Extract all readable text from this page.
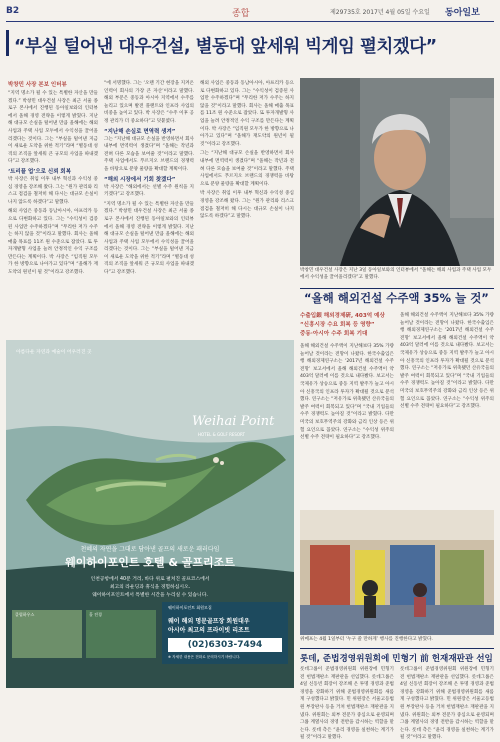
B2	종합	제29735호 2017년 4월 05일 수요일 동아일보
“부실 털어낸 대우건설, 별동대 앞세워 빅게임 펼치겠다”
박창민 사장 본보 인터뷰

“지역 명소가 될 수 있는 특별한 자산을 만들겠다.” 박창민 대우건설 사장은 최근 서울 종로구 본사에서 진행된 동아일보와의 인터뷰에서 올해 경영 전략을 이렇게 밝혔다. 지난해 대규모 손실을 털어낸 만큼 올해에는 해외 사업과 주택 사업 모두에서 수익성을 끌어올리겠다는 것이다. 그는 “부실을 털어낸 지금이 새로운 도약을 위한 적기”라며 “별동대 성격의 조직을 앞세워 큰 규모의 사업을 따내겠다”고 강조했다.

‘트리플 업’으로 신뢰 회복

박 사장은 취임 이후 내부 혁신과 수익성 중심 경영을 강조해 왔다. 그는 “원가 관리와 리스크 점검을 철저히 해 다시는 대규모 손실이 나지 않도록 하겠다”고 말했다.

해외 사업은 중동과 동남아시아, 아프리카 등으로 다변화하고 있다. 그는 “수익성이 검증된 사업만 수주하겠다”며 “무리한 저가 수주는 하지 않을 것”이라고 말했다. 회사는 올해 매출 목표를 11조 원 수준으로 잡았다. 또 투자개발형 사업을 늘려 안정적인 수익 구조를 만든다는 계획이다. 박 사장은 “임직원 모두가 한 방향으로 나아가고 있다”며 “올해가 재도약의 원년이 될 것”이라고 강조했다.

“에 서명했다. 그는 ‘오랜 기간 현장을 지켜온 인력이 회사의 가장 큰 자산’이라고 말했다. 해외 부문은 중동과 아시아 지역에서 수주를 늘리고 있으며 발전 플랜트와 인프라 사업의 비중을 높이고 있다. 박 사장은 “수주 이후 공정 관리가 더 중요하다”고 덧붙였다.

“지난해 손실로 면역력 생겨”

그는 “지난해 대규모 손실을 반영하면서 회사 내부에 면역력이 생겼다”며 “올해는 작년과 전혀 다른 모습을 보여줄 것”이라고 말했다. 주택 사업에서도 푸르지오 브랜드의 경쟁력을 바탕으로 분양 물량을 확대할 계획이다.

“해외 시장에서 기회 찾겠다”

박 사장은 “해외에서는 선별 수주 원칙을 지키겠다”고 강조했다.

“지역 명소가 될 수 있는 특별한 자산을 만들겠다.” 박창민 대우건설 사장은 최근 서울 종로구 본사에서 진행된 동아일보와의 인터뷰에서 올해 경영 전략을 이렇게 밝혔다. 지난해 대규모 손실을 털어낸 만큼 올해에는 해외 사업과 주택 사업 모두에서 수익성을 끌어올리겠다는 것이다. 그는 “부실을 털어낸 지금이 새로운 도약을 위한 적기”라며 “별동대 성격의 조직을 앞세워 큰 규모의 사업을 따내겠다”고 강조했다.

해외 사업은 중동과 동남아시아, 아프리카 등으로 다변화하고 있다. 그는 “수익성이 검증된 사업만 수주하겠다”며 “무리한 저가 수주는 하지 않을 것”이라고 말했다. 회사는 올해 매출 목표를 11조 원 수준으로 잡았다. 또 투자개발형 사업을 늘려 안정적인 수익 구조를 만든다는 계획이다. 박 사장은 “임직원 모두가 한 방향으로 나아가고 있다”며 “올해가 재도약의 원년이 될 것”이라고 강조했다.

그는 “지난해 대규모 손실을 반영하면서 회사 내부에 면역력이 생겼다”며 “올해는 작년과 전혀 다른 모습을 보여줄 것”이라고 말했다. 주택 사업에서도 푸르지오 브랜드의 경쟁력을 바탕으로 분양 물량을 확대할 계획이다.

박 사장은 취임 이후 내부 혁신과 수익성 중심 경영을 강조해 왔다. 그는 “원가 관리와 리스크 점검을 철저히 해 다시는 대규모 손실이 나지 않도록 하겠다”고 말했다.

박창민 대우건설 사장은 지난 3일 동아일보와의 인터뷰에서 “올해는 해외 사업과 주택 사업 모두에서 수익성을 끌어올리겠다”고 말했다.
“올해 해외건설 수주액 35% 늘 것”
수출입銀 해외경제硏, 403억 예상
“신흥시장 수요 회복 등 영향”
중동·아시아 수주 회복 기대

올해 해외건설 수주액이 지난해보다 35% 가량 늘어날 것이라는 전망이 나왔다. 한국수출입은행 해외경제연구소는 ‘2017년 해외건설 수주 전망’ 보고서에서 올해 해외건설 수주액이 약 403억 달러에 이를 것으로 내다봤다. 보고서는 국제유가 상승으로 중동 지역 발주가 늘고 아시아 신흥국의 인프라 투자가 확대될 것으로 분석했다. 연구소는 “저유가로 위축됐던 산유국들의 발주 여력이 회복되고 있다”며 “국내 기업들의 수주 경쟁력도 높아질 것”이라고 밝혔다. 다만 미국의 보호무역주의 강화와 금리 인상 등은 위험 요인으로 꼽았다. 연구소는 “수익성 위주의 선별 수주 전략이 필요하다”고 강조했다.

올해 해외건설 수주액이 지난해보다 35% 가량 늘어날 것이라는 전망이 나왔다. 한국수출입은행 해외경제연구소는 ‘2017년 해외건설 수주 전망’ 보고서에서 올해 해외건설 수주액이 약 403억 달러에 이를 것으로 내다봤다. 보고서는 국제유가 상승으로 중동 지역 발주가 늘고 아시아 신흥국의 인프라 투자가 확대될 것으로 분석했다. 연구소는 “저유가로 위축됐던 산유국들의 발주 여력이 회복되고 있다”며 “국내 기업들의 수주 경쟁력도 높아질 것”이라고 밝혔다. 다만 미국의 보호무역주의 강화와 금리 인상 등은 위험 요인으로 꼽았다. 연구소는 “수익성 위주의 선별 수주 전략이 필요하다”고 강조했다.

아름다운 자연과 예술이 어우러진 곳
Weihai Point
HOTEL & GOLF RESORT
천혜의 자연을 그대로 담아낸 골프의 새로운 패러다임
웨이하이포인트 호텔 & 골프리조트
인천공항에서 40분 거리, 바다 위로 펼쳐진 골프코스에서
최고의 라운딩과 휴식을 경험하십시오.
웨이하이포인트에서 특별한 시간을 누리실 수 있습니다.
클럽하우스	홀 전경
웨이하이포인트 회원모집
웨이 해외 명문골프장 회원대우
아시아 최고의 프라이빗 리조트
(02)6303-7494
※ 자세한 내용은 전화로 문의하시기 바랍니다.
위메프는 4월 1일부터 ‘누구 쓸 만하게’ 행사를 진행한다고 밝혔다.
롯데, 준법경영위원회에 민형기 前 헌재재판관 선임

롯데그룹이 준법경영위원회 위원장에 민형기 전 헌법재판소 재판관을 선임했다. 롯데그룹은 4일 신동빈 회장이 강조해 온 투명 경영과 준법 경영을 강화하기 위해 준법경영위원회를 새롭게 구성했다고 밝혔다. 민 위원장은 서울고등법원 부장판사 등을 거쳐 헌법재판소 재판관을 지냈다. 위원회는 외부 전문가 중심으로 운영되며 그룹 계열사의 경영 전반을 감시하는 역할을 맡는다. 롯데 측은 “윤리 경영을 실천하는 계기가 될 것”이라고 말했다.

롯데그룹이 준법경영위원회 위원장에 민형기 전 헌법재판소 재판관을 선임했다. 롯데그룹은 4일 신동빈 회장이 강조해 온 투명 경영과 준법 경영을 강화하기 위해 준법경영위원회를 새롭게 구성했다고 밝혔다. 민 위원장은 서울고등법원 부장판사 등을 거쳐 헌법재판소 재판관을 지냈다. 위원회는 외부 전문가 중심으로 운영되며 그룹 계열사의 경영 전반을 감시하는 역할을 맡는다. 롯데 측은 “윤리 경영을 실천하는 계기가 될 것”이라고 말했다.
